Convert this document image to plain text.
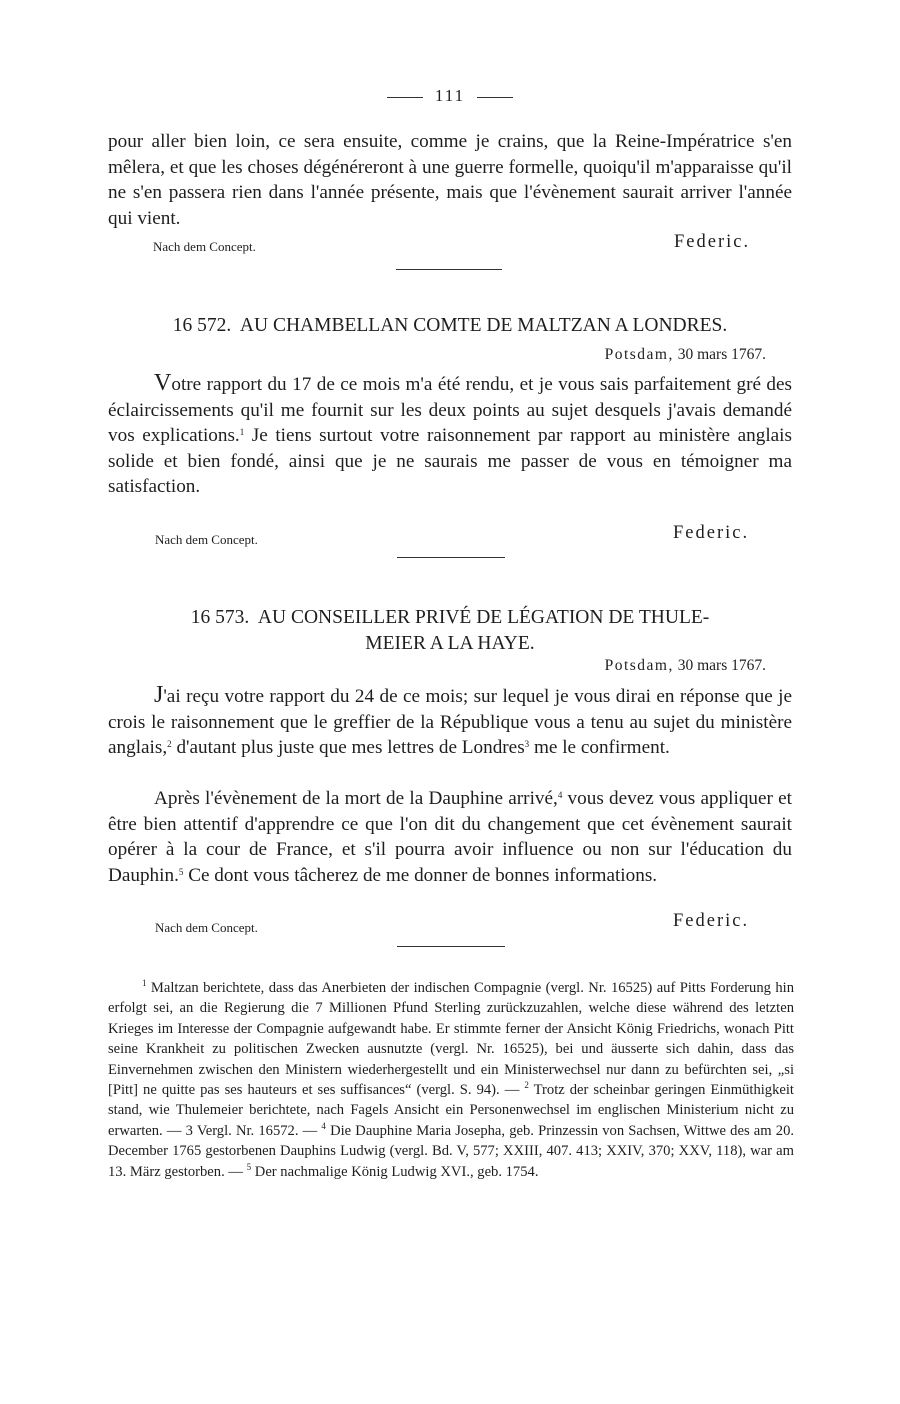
111

pour aller bien loin, ce sera ensuite, comme je crains, que la Reine-Impératrice s'en mêlera, et que les choses dégénéreront à une guerre formelle, quoiqu'il m'apparaisse qu'il ne s'en passera rien dans l'année présente, mais que l'évènement saurait arriver l'année qui vient.

Nach dem Concept.	Federic.
16 572. AU CHAMBELLAN COMTE DE MALTZAN A LONDRES.
Potsdam, 30 mars 1767.

Votre rapport du 17 de ce mois m'a été rendu, et je vous sais parfaitement gré des éclaircissements qu'il me fournit sur les deux points au sujet desquels j'avais demandé vos explications.$^1$ Je tiens surtout votre raisonnement par rapport au ministère anglais solide et bien fondé, ainsi que je ne saurais me passer de vous en témoigner ma satisfaction.

Nach dem Concept.	Federic.
16 573. AU CONSEILLER PRIVÉ DE LÉGATION DE THULE-
MEIER A LA HAYE.
Potsdam, 30 mars 1767.

J'ai reçu votre rapport du 24 de ce mois; sur lequel je vous dirai en réponse que je crois le raisonnement que le greffier de la République vous a tenu au sujet du ministère anglais,$^2$ d'autant plus juste que mes lettres de Londres$^3$ me le confirment.

Après l'évènement de la mort de la Dauphine arrivé,$^4$ vous devez vous appliquer et être bien attentif d'apprendre ce que l'on dit du changement que cet évènement saurait opérer à la cour de France, et s'il pourra avoir influence ou non sur l'éducation du Dauphin.$^5$ Ce dont vous tâcherez de me donner de bonnes informations.

Nach dem Concept.	Federic.

$^1$ Maltzan berichtete, dass das Anerbieten der indischen Compagnie (vergl. Nr. 16525) auf Pitts Forderung hin erfolgt sei, an die Regierung die 7 Millionen Pfund Sterling zurückzuzahlen, welche diese während des letzten Krieges im Interesse der Compagnie aufgewandt habe. Er stimmte ferner der Ansicht König Friedrichs, wonach Pitt seine Krankheit zu politischen Zwecken ausnutzte (vergl. Nr. 16525), bei und äusserte sich dahin, dass das Einvernehmen zwischen den Ministern wiederhergestellt und ein Ministerwechsel nur dann zu befürchten sei, „si [Pitt] ne quitte pas ses hauteurs et ses suffisances“ (vergl. S. 94). — $^2$ Trotz der scheinbar geringen Einmüthigkeit stand, wie Thulemeier berichtete, nach Fagels Ansicht ein Personenwechsel im englischen Ministerium nicht zu erwarten. — 3 Vergl. Nr. 16572. — $^4$ Die Dauphine Maria Josepha, geb. Prinzessin von Sachsen, Wittwe des am 20. December 1765 gestorbenen Dauphins Ludwig (vergl. Bd. V, 577; XXIII, 407. 413; XXIV, 370; XXV, 118), war am 13. März gestorben. — $^5$ Der nachmalige König Ludwig XVI., geb. 1754.
